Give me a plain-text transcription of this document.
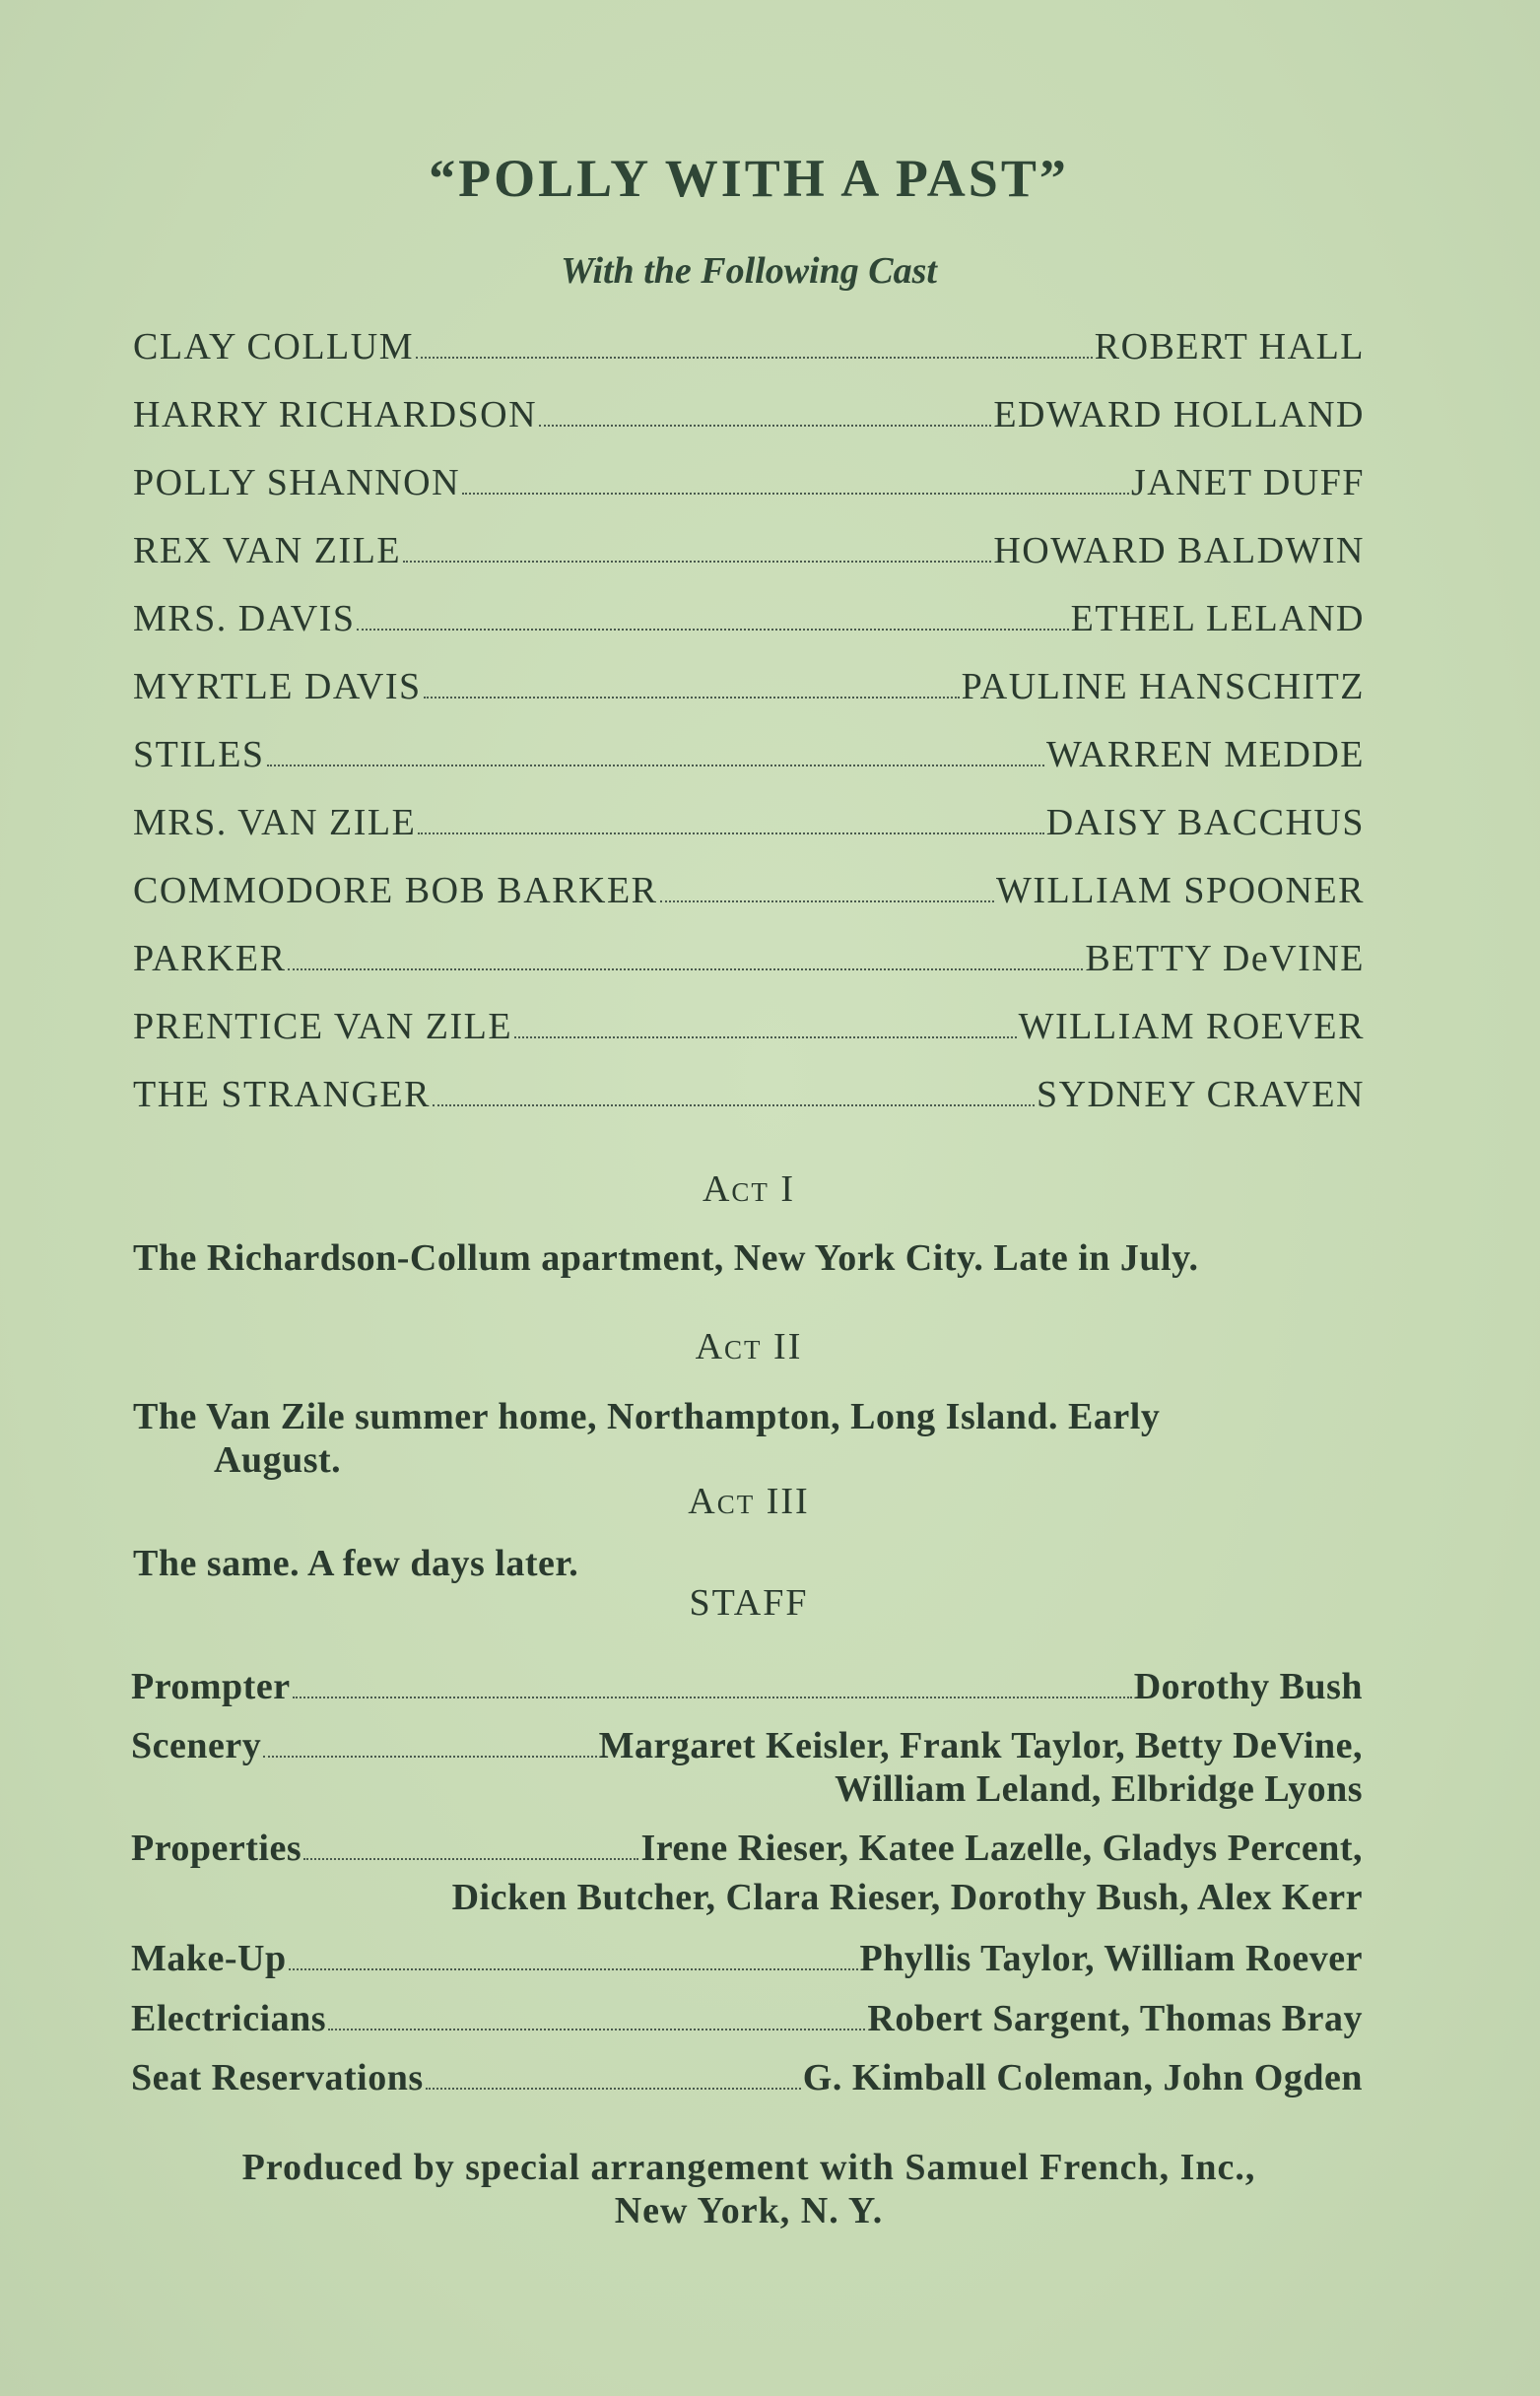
“POLLY WITH A PAST”
With the Following Cast
CLAY COLLUM	ROBERT HALL
HARRY RICHARDSON	EDWARD HOLLAND
POLLY SHANNON	JANET DUFF
REX VAN ZILE	HOWARD BALDWIN
MRS. DAVIS	ETHEL LELAND
MYRTLE DAVIS	PAULINE HANSCHITZ
STILES	WARREN MEDDE
MRS. VAN ZILE	DAISY BACCHUS
COMMODORE BOB BARKER	WILLIAM SPOONER
PARKER	BETTY DeVINE
PRENTICE VAN ZILE	WILLIAM ROEVER
THE STRANGER	SYDNEY CRAVEN
Act I
The Richardson-Collum apartment, New York City. Late in July.
Act II
The Van Zile summer home, Northampton, Long Island. Early
August.
Act III
The same. A few days later.
STAFF
Prompter	Dorothy Bush
Scenery	Margaret Keisler, Frank Taylor, Betty DeVine,
William Leland, Elbridge Lyons
Properties	Irene Rieser, Katee Lazelle, Gladys Percent,
Dicken Butcher, Clara Rieser, Dorothy Bush, Alex Kerr
Make-Up	Phyllis Taylor, William Roever
Electricians	Robert Sargent, Thomas Bray
Seat Reservations	G. Kimball Coleman, John Ogden
Produced by special arrangement with Samuel French, Inc.,
New York, N. Y.
